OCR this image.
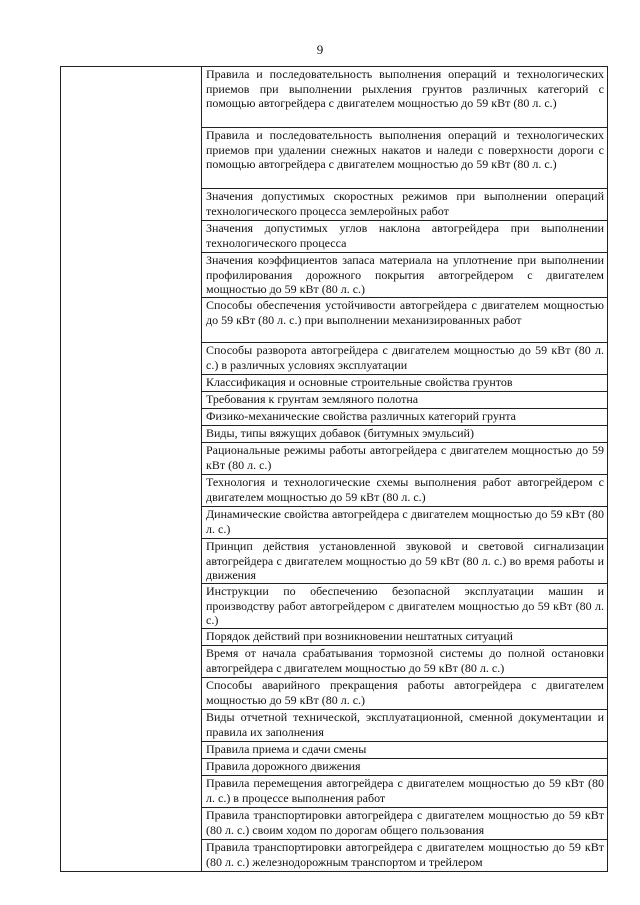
9
	Правила и последовательность выполнения операций и технологических приемов при выполнении рыхления грунтов различных категорий с помощью автогрейдера с двигателем мощностью до 59 кВт (80 л. с.)
Правила и последовательность выполнения операций и технологических приемов при удалении снежных накатов и наледи с поверхности дороги с помощью автогрейдера с двигателем мощностью до 59 кВт (80 л. с.)
Значения допустимых скоростных режимов при выполнении операций технологического процесса землеройных работ
Значения допустимых углов наклона автогрейдера при выполнении технологического процесса
Значения коэффициентов запаса материала на уплотнение при выполнении профилирования дорожного покрытия автогрейдером с двигателем мощностью до 59 кВт (80 л. с.)
Способы обеспечения устойчивости автогрейдера с двигателем мощностью до 59 кВт (80 л. с.) при выполнении механизированных работ
Способы разворота автогрейдера с двигателем мощностью до 59 кВт (80 л. с.) в различных условиях эксплуатации
Классификация и основные строительные свойства грунтов
Требования к грунтам земляного полотна
Физико-механические свойства различных категорий грунта
Виды, типы вяжущих добавок (битумных эмульсий)
Рациональные режимы работы автогрейдера с двигателем мощностью до 59 кВт (80 л. с.)
Технология и технологические схемы выполнения работ автогрейдером с двигателем мощностью до 59 кВт (80 л. с.)
Динамические свойства автогрейдера с двигателем мощностью до 59 кВт (80 л. с.)
Принцип действия установленной звуковой и световой сигнализации автогрейдера с двигателем мощностью до 59 кВт (80 л. с.) во время работы и движения
Инструкции по обеспечению безопасной эксплуатации машин и производству работ автогрейдером с двигателем мощностью до 59 кВт (80 л. с.)
Порядок действий при возникновении нештатных ситуаций
Время от начала срабатывания тормозной системы до полной остановки автогрейдера с двигателем мощностью до 59 кВт (80 л. с.)
Способы аварийного прекращения работы автогрейдера с двигателем мощностью до 59 кВт (80 л. с.)
Виды отчетной технической, эксплуатационной, сменной документации и правила их заполнения
Правила приема и сдачи смены
Правила дорожного движения
Правила перемещения автогрейдера с двигателем мощностью до 59 кВт (80 л. с.) в процессе выполнения работ
Правила транспортировки автогрейдера с двигателем мощностью до 59 кВт (80 л. с.) своим ходом по дорогам общего пользования
Правила транспортировки автогрейдера с двигателем мощностью до 59 кВт (80 л. с.) железнодорожным транспортом и трейлером
